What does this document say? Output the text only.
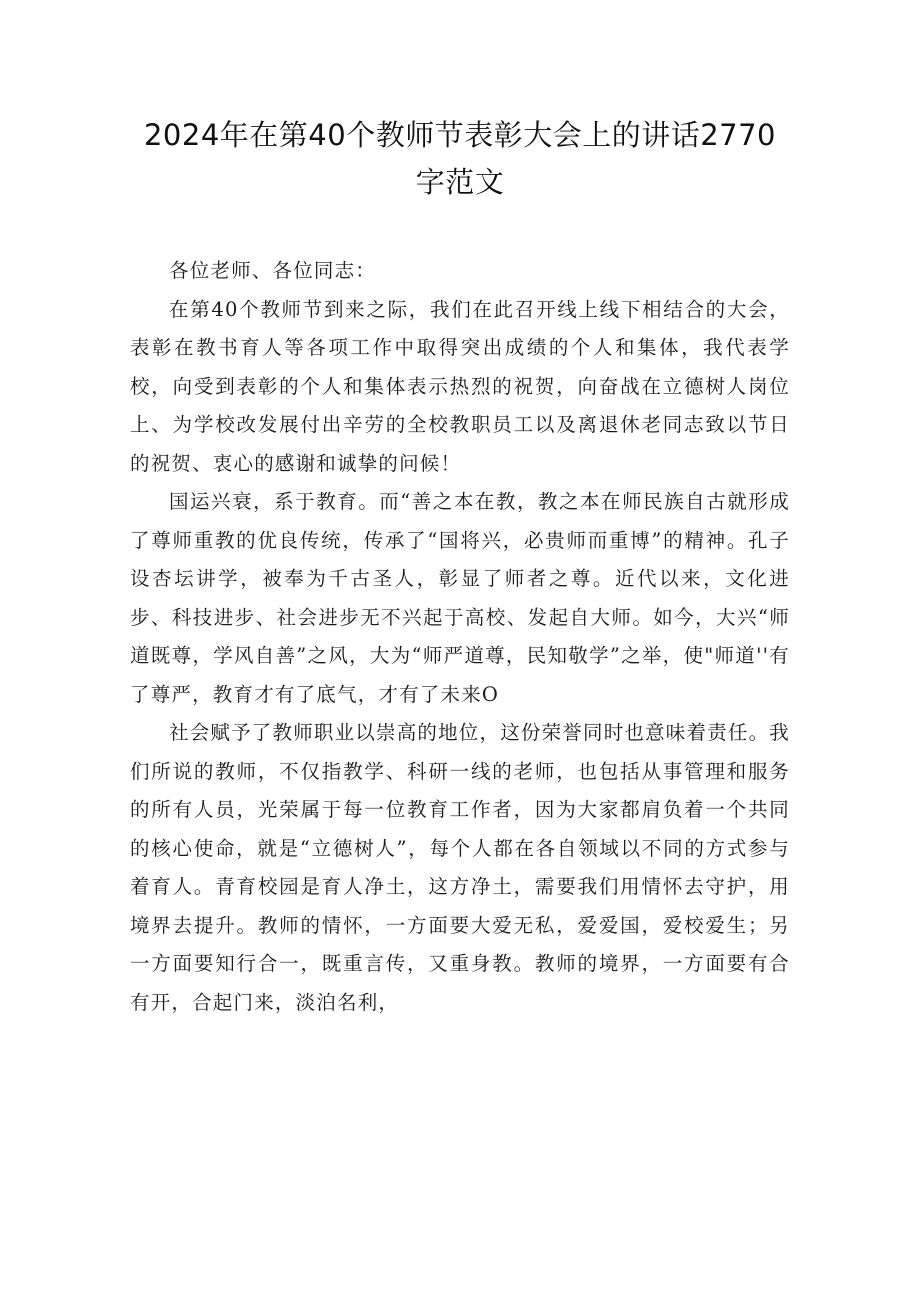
2024年在第40个教师节表彰大会上的讲话2770字范文

各位老师、各位同志：

在第40个教师节到来之际，我们在此召开线上线下相结合的大会，表彰在教书育人等各项工作中取得突出成绩的个人和集体，我代表学校，向受到表彰的个人和集体表示热烈的祝贺，向奋战在立德树人岗位上、为学校改发展付出辛劳的全校教职员工以及离退休老同志致以节日的祝贺、衷心的感谢和诚挚的问候！

国运兴衰，系于教育。而“善之本在教，教之本在师民族自古就形成了尊师重教的优良传统，传承了“国将兴，必贵师而重博”的精神。孔子设杏坛讲学，被奉为千古圣人，彰显了师者之尊。近代以来，文化进步、科技进步、社会进步无不兴起于高校、发起自大师。如今，大兴“师道既尊，学风自善”之风，大为“师严道尊，民知敬学”之举，使"师道''有了尊严，教育才有了底气，才有了未来O

社会赋予了教师职业以崇高的地位，这份荣誉同时也意味着责任。我们所说的教师，不仅指教学、科研一线的老师，也包括从事管理和服务的所有人员，光荣属于每一位教育工作者，因为大家都肩负着一个共同的核心使命，就是“立德树人”，每个人都在各自领域以不同的方式参与着育人。青育校园是育人净土，这方净土，需要我们用情怀去守护，用境界去提升。教师的情怀，一方面要大爱无私，爱爱国，爱校爱生；另一方面要知行合一，既重言传，又重身教。教师的境界，一方面要有合有开，合起门来，淡泊名利，
